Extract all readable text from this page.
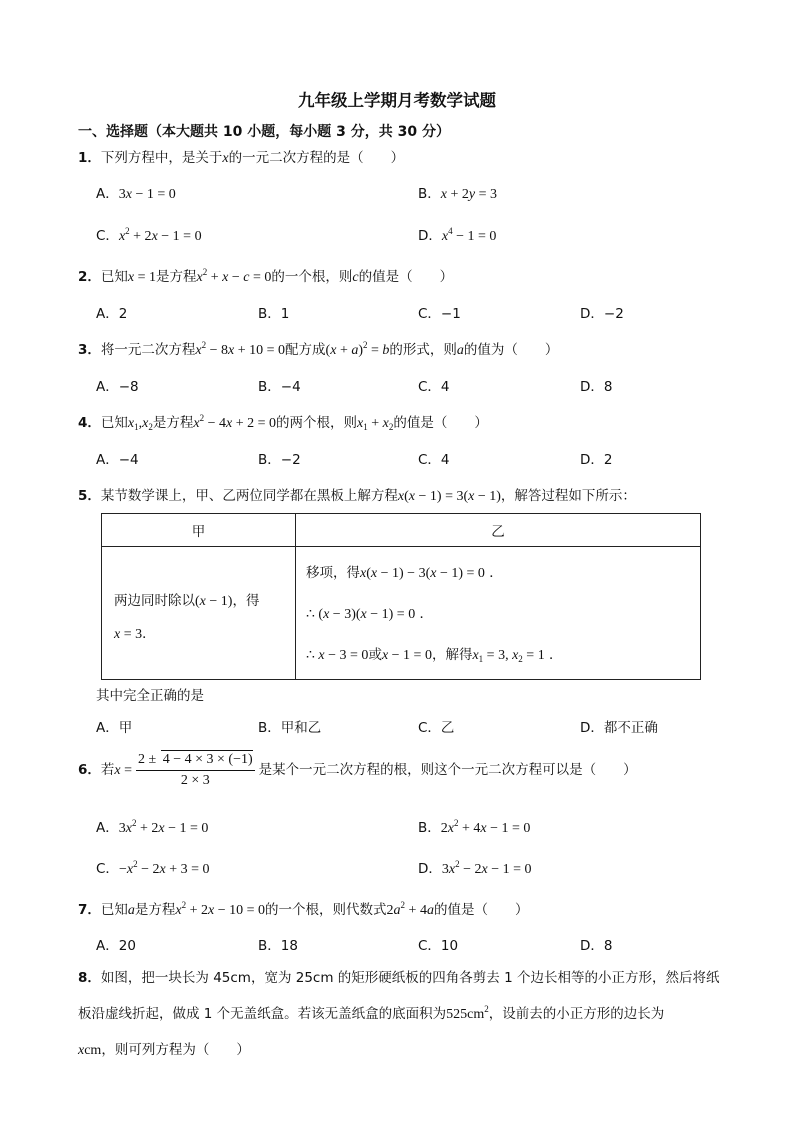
九年级上学期月考数学试题
一、选择题（本大题共 10 小题，每小题 3 分，共 30 分）
1．下列方程中，是关于x的一元二次方程的是（　　）
A．3x − 1 = 0	B．x + 2y = 3
C．$x^2 + 2x - 1 = 0$	D．$x^4 - 1 = 0$
2．已知x = 1是方程$x^2 + x - c = 0$的一个根，则c的值是（　　）
A．2	B．1	C．−1	D．−2
3．将一元二次方程$x^2 - 8x + 10 = 0$配方成$(x + a)^2 = b$的形式，则a的值为（　　）
A．−8	B．−4	C．4	D．8
4．已知$x_1,x_2$是方程$x^2 - 4x + 2 = 0$的两个根，则$x_1 + x_2$的值是（　　）
A．−4	B．−2	C．4	D．2
5．某节数学课上，甲、乙两位同学都在黑板上解方程x(x − 1) = 3(x − 1)，解答过程如下所示：
甲	乙

两边同时除以(x − 1)，得
x = 3．	移项，得x(x − 1) − 3(x − 1) = 0 ．
∴ (x − 3)(x − 1) = 0 ．
∴ x − 3 = 0或x − 1 = 0，解得$x_1 = 3$, $x_2 = 1$ ．
其中完全正确的是
A．甲	B．甲和乙	C．乙	D．都不正确
6．若$x = \frac{2 \pm 4 - 4 \times 3 \times (-1)}{2 \times 3}$ 是某个一元二次方程的根，则这个一元二次方程可以是（　　）
A．$3x^2 + 2x - 1 = 0$	B．$2x^2 + 4x - 1 = 0$
C．$-x^2 - 2x + 3 = 0$	D．$3x^2 - 2x - 1 = 0$
7．已知a是方程$x^2 + 2x - 10 = 0$的一个根，则代数式$2a^2 + 4a$的值是（　　）
A．20	B．18	C．10	D．8
8．如图，把一块长为 45cm，宽为 25cm 的矩形硬纸板的四角各剪去 1 个边长相等的小正方形，然后将纸
板沿虚线折起，做成 1 个无盖纸盒。若该无盖纸盒的底面积为$525cm^2$，设前去的小正方形的边长为
xcm，则可列方程为（　　）
